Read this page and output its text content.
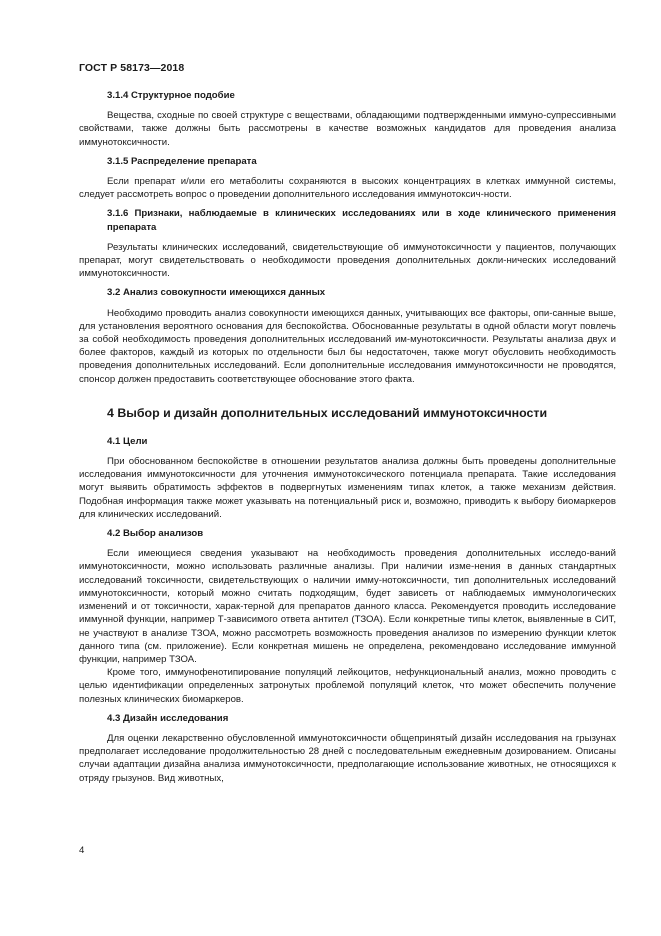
ГОСТ Р 58173—2018
3.1.4 Структурное подобие
Вещества, сходные по своей структуре с веществами, обладающими подтвержденными иммуно-супрессивными свойствами, также должны быть рассмотрены в качестве возможных кандидатов для проведения анализа иммунотоксичности.
3.1.5 Распределение препарата
Если препарат и/или его метаболиты сохраняются в высоких концентрациях в клетках иммунной системы, следует рассмотреть вопрос о проведении дополнительного исследования иммунотоксич-ности.
3.1.6 Признаки, наблюдаемые в клинических исследованиях или в ходе клинического применения препарата
Результаты клинических исследований, свидетельствующие об иммунотоксичности у пациентов, получающих препарат, могут свидетельствовать о необходимости проведения дополнительных докли-нических исследований иммунотоксичности.
3.2 Анализ совокупности имеющихся данных
Необходимо проводить анализ совокупности имеющихся данных, учитывающих все факторы, опи-санные выше, для установления вероятного основания для беспокойства. Обоснованные результаты в одной области могут повлечь за собой необходимость проведения дополнительных исследований им-мунотоксичности. Результаты анализа двух и более факторов, каждый из которых по отдельности был бы недостаточен, также могут обусловить необходимость проведения дополнительных исследований. Если дополнительные исследования иммунотоксичности не проводятся, спонсор должен предоставить соответствующее обоснование этого факта.
4 Выбор и дизайн дополнительных исследований иммунотоксичности
4.1 Цели
При обоснованном беспокойстве в отношении результатов анализа должны быть проведены дополнительные исследования иммунотоксичности для уточнения иммунотоксического потенциала препарата. Такие исследования могут выявить обратимость эффектов в подвергнутых изменениям типах клеток, а также механизм действия. Подобная информация также может указывать на потенциальный риск и, возможно, приводить к выбору биомаркеров для клинических исследований.
4.2 Выбор анализов
Если имеющиеся сведения указывают на необходимость проведения дополнительных исследо-ваний иммунотоксичности, можно использовать различные анализы. При наличии изме-нения в данных стандартных исследований токсичности, свидетельствующих о наличии имму-нотоксичности, тип дополнительных исследований иммунотоксичности, который можно считать подходящим, будет зависеть от наблюдаемых иммунологических изменений и от токсичности, харак-терной для препаратов данного класса. Рекомендуется проводить исследование иммунной функции, например Т-зависимого ответа антител (ТЗОА). Если конкретные типы клеток, выявленные в СИТ, не участвуют в анализе ТЗОА, можно рассмотреть возможность проведения анализов по измерению функции клеток данного типа (см. приложение). Если конкретная мишень не определена, рекомендовано исследование иммунной функции, например ТЗОА.
Кроме того, иммунофенотипирование популяций лейкоцитов, нефункциональный анализ, можно проводить с целью идентификации определенных затронутых проблемой популяций клеток, что может обеспечить получение полезных клинических биомаркеров.
4.3 Дизайн исследования
Для оценки лекарственно обусловленной иммунотоксичности общепринятый дизайн исследования на грызунах предполагает исследование продолжительностью 28 дней с последовательным ежедневным дозированием. Описаны случаи адаптации дизайна анализа иммунотоксичности, предполагающие использование животных, не относящихся к отряду грызунов. Вид животных,
4
